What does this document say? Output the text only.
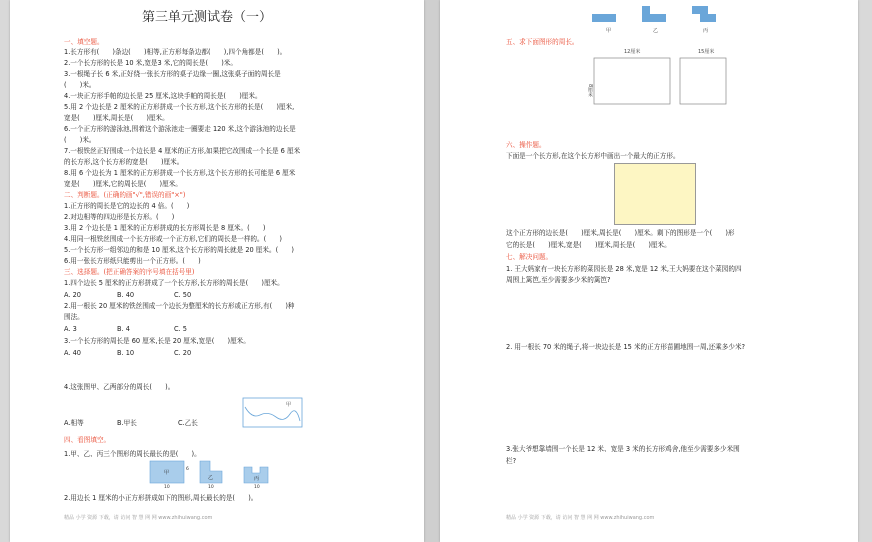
第三单元测试卷（一）
一、填空题。
1.长方形有(　　)条边(　　)相等,正方形每条边都(　　),四个角都是(　　)。
2.一个长方形的长是 10 米,宽是3 米,它的周长是(　　)米。
3.一根绳子长 6 米,正好绕一张长方形的桌子边缘一圈,这张桌子面的周长是
(　　)米。
4.一块正方形手帕的边长是 25 厘米,这块手帕的周长是(　　)厘米。
5.用 2 个边长是 2 厘米的正方形拼成一个长方形,这个长方形的长是(　　)厘米,
宽是(　　)厘米,周长是(　　)厘米。
6.一个正方形的游泳池,围着这个游泳池走一圈要走 120 米,这个游泳池的边长是
(　　)米。
7.一根铁丝正好围成一个边长是 4 厘米的正方形,如果把它改围成一个长是 6 厘米
的长方形,这个长方形的宽是(　　)厘米。
8.用 6 个边长为 1 厘米的正方形拼成一个长方形,这个长方形的长可能是 6 厘米
宽是(　　)厘米,它的周长是(　　)厘米。
二、判断题。(正确的画"√",错误的画"×")
1.正方形的周长是它的边长的 4 倍。(　　)
2.对边相等的四边形是长方形。(　　)
3.用 2 个边长是 1 厘米的正方形拼成的长方形周长是 8 厘米。(　　)
4.用同一根铁丝围成一个长方形或一个正方形,它们的周长是一样的。(　　)
5.一个长方形一组邻边的和是 10 厘米,这个长方形的周长就是 20 厘米。(　　)
6.用一张长方形纸只能剪出一个正方形。(　　)
三、选择题。(把正确答案的序号填在括号里)
1.四个边长 5 厘米的正方形拼成了一个长方形,长方形的周长是(　　)厘米。
A. 20	B. 40	C. 50
2.用一根长 20 厘米的铁丝围成一个边长为整厘米的长方形或正方形,有(　　)种
围法。
A. 3	B. 4	C. 5
3.一个长方形的周长是 60 厘米,长是 20 厘米,宽是(　　)厘米。
A. 40	B. 10	C. 20
4.这张图甲、乙两部分的周长(　　)。
甲
A.相等	B.甲长	C.乙长
四、看图填空。
1.甲、乙、丙三个图形的周长最长的是(　　)。
甲
10
6
乙
10
丙
10
2.用边长 1 厘米的小正方形拼成如下的图形,周长最长的是(　　)。
精品 小学 资源 下载，请 访问 智 慧 网 网 www.zhihuiwang.com
甲	乙	丙
五、求下面图形的周长。
12厘米	15厘米
8厘米
六、操作题。
下面是一个长方形,在这个长方形中画出一个最大的正方形。
这个正方形的边长是(　　)厘米,周长是(　　)厘米。剩下的图形是一个(　　)形
它的长是(　　)厘米,宽是(　　)厘米,周长是(　　)厘米。
七、解决问题。
1. 王大妈家有一块长方形的菜园长是 28 米,宽是 12 米,王大妈要在这个菜园的四
周围上篱笆,至少需要多少米的篱笆?
2. 用一根长 70 米的绳子,将一块边长是 15 米的正方形苗圃地围一周,还乘多少米?
3.张大爷想靠墙围一个长是 12 米、宽是 3 米的长方形鸡舍,他至少需要多少米围
栏?
精品 小学 资源 下载，请 访问 智 慧 网 网 www.zhihuiwang.com
